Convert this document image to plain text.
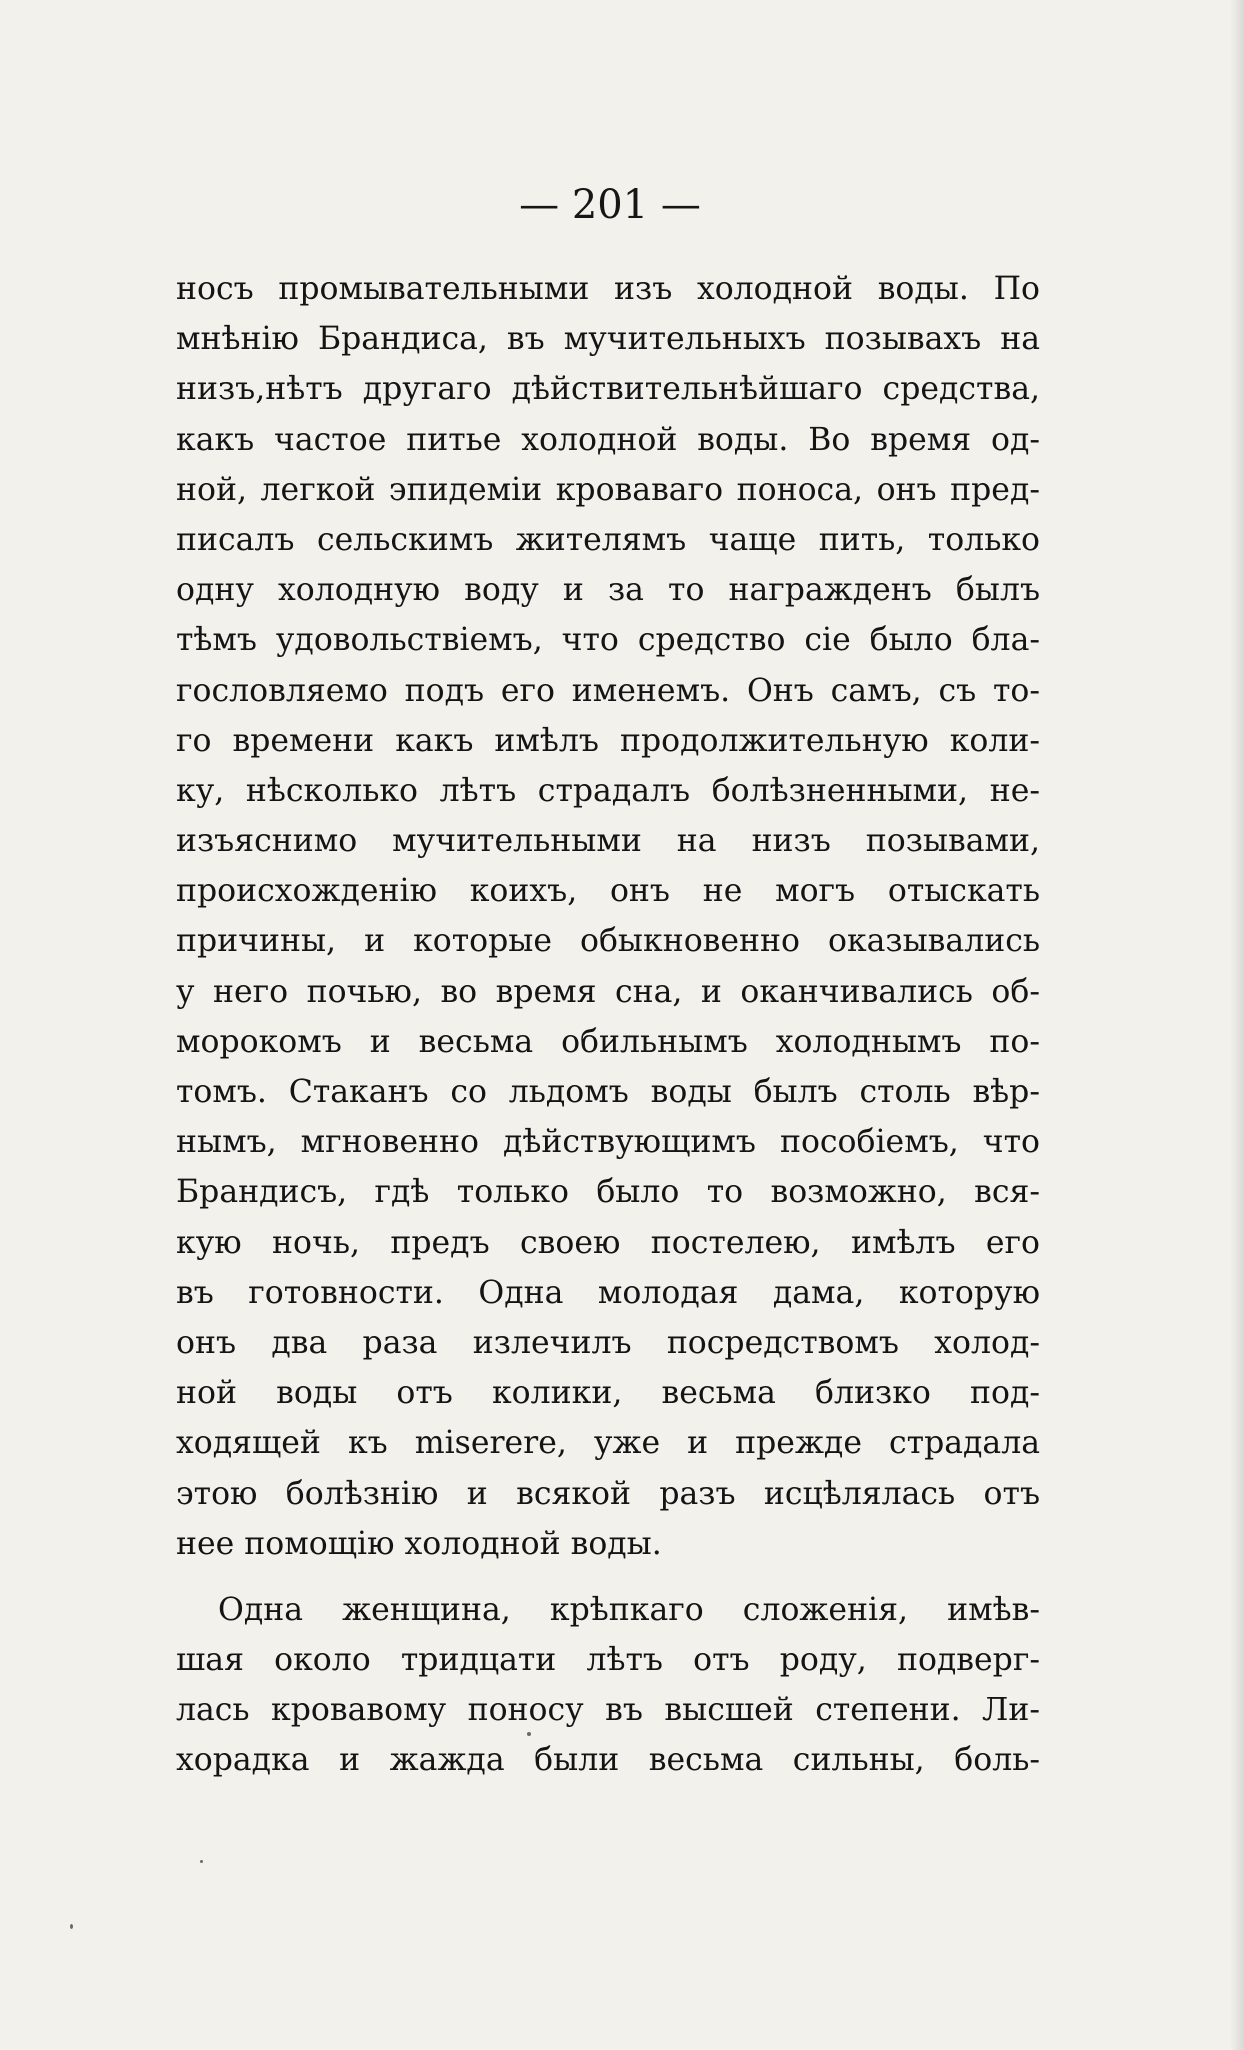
— 201 —
носъ промывательными изъ холодной воды. По
мнѣнію Брандиса, въ мучительныхъ позывахъ на
низъ,нѣтъ другаго дѣйствительнѣйшаго средства,
какъ частое питье холодной воды. Во время од-
ной, легкой эпидеміи кроваваго поноса, онъ пред-
писалъ сельскимъ жителямъ чаще пить, только
одну холодную воду и за то награжденъ былъ
тѣмъ удовольствіемъ, что средство сіе было бла-
гословляемо подъ его именемъ. Онъ самъ, съ то-
го времени какъ имѣлъ продолжительную коли-
ку, нѣсколько лѣтъ страдалъ болѣзненными, не-
изъяснимо мучительными на низъ позывами,
происхожденію коихъ, онъ не могъ отыскать
причины, и которые обыкновенно оказывались
у него почью, во время сна, и оканчивались об-
морокомъ и весьма обильнымъ холоднымъ по-
томъ. Стаканъ со льдомъ воды былъ столь вѣр-
нымъ, мгновенно дѣйствующимъ пособіемъ, что
Брандисъ, гдѣ только было то возможно, вся-
кую ночь, предъ своею постелею, имѣлъ его
въ готовности. Одна молодая дама, которую
онъ два раза излечилъ посредствомъ холод-
ной воды отъ колики, весьма близко под-
ходящей къ miserere, уже и прежде страдала
этою болѣзнію и всякой разъ исцѣлялась отъ
нее помощію холодной воды.
Одна женщина, крѣпкаго сложенія, имѣв-
шая около тридцати лѣтъ отъ роду, подверг-
лась кровавому поносу въ высшей степени. Ли-
хорадка и жажда были весьма сильны, боль-
